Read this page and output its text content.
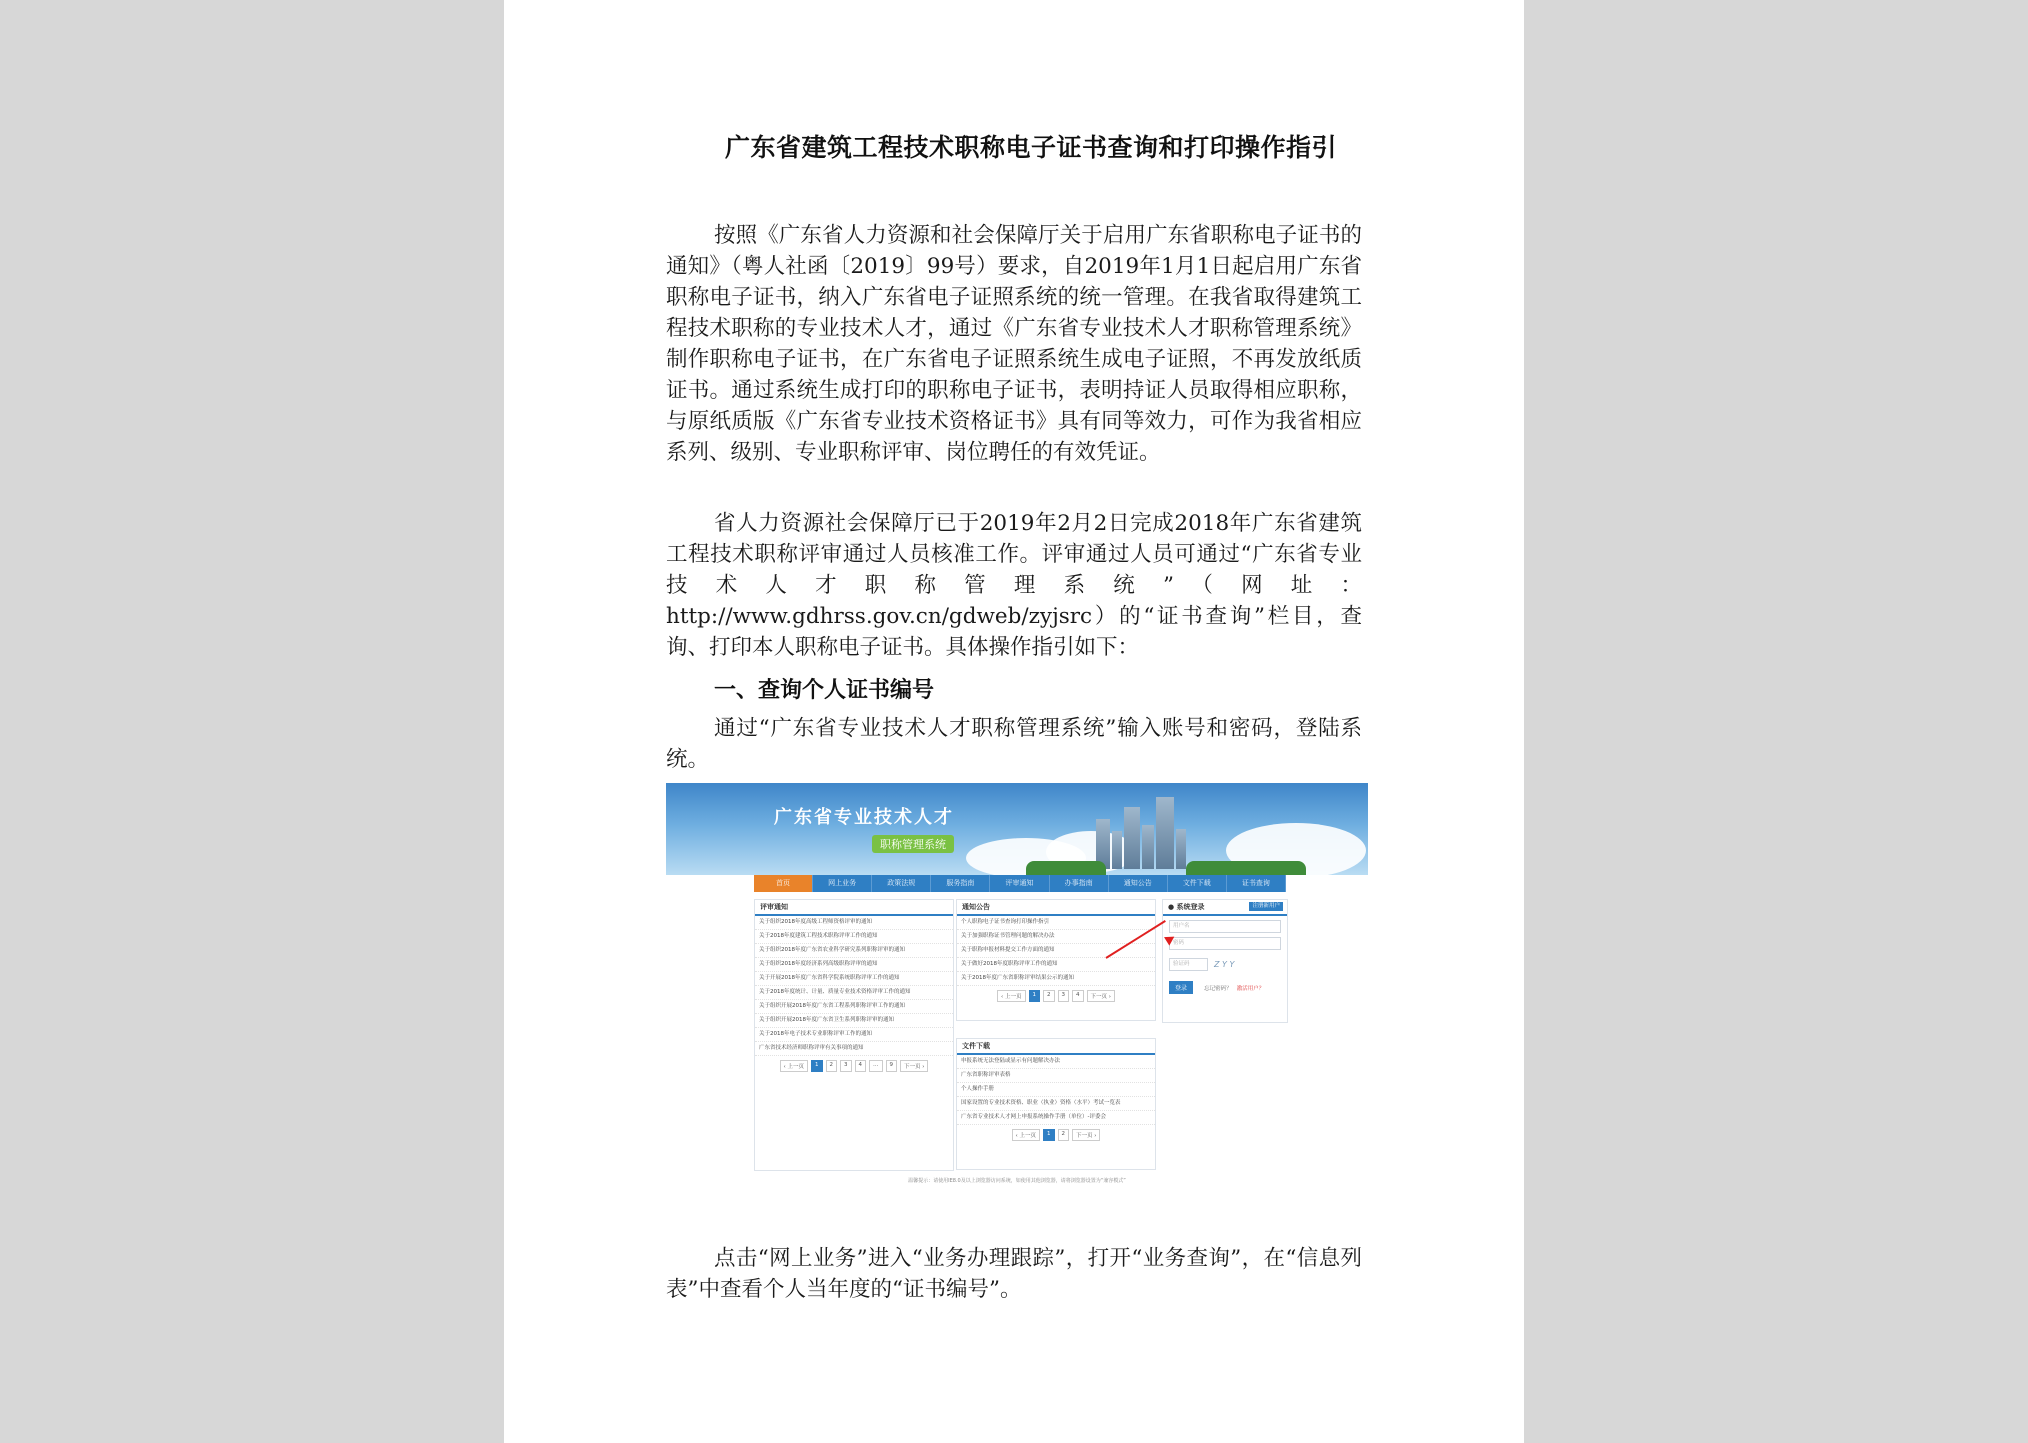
广东省建筑工程技术职称电子证书查询和打印操作指引

按照《广东省人力资源和社会保障厅关于启用广东省职称电子证书的通知》（粤人社函〔2019〕99号）要求，自2019年1月1日起启用广东省职称电子证书，纳入广东省电子证照系统的统一管理。在我省取得建筑工程技术职称的专业技术人才，通过《广东省专业技术人才职称管理系统》制作职称电子证书，在广东省电子证照系统生成电子证照，不再发放纸质证书。通过系统生成打印的职称电子证书，表明持证人员取得相应职称，与原纸质版《广东省专业技术资格证书》具有同等效力，可作为我省相应系列、级别、专业职称评审、岗位聘任的有效凭证。

省人力资源社会保障厅已于2019年2月2日完成2018年广东省建筑工程技术职称评审通过人员核准工作。评审通过人员可通过“广东省专业技术人才职称管理系统”（网址：http://www.gdhrss.gov.cn/gdweb/zyjsrc）的“证书查询”栏目，查询、打印本人职称电子证书。具体操作指引如下：

一、查询个人证书编号

通过“广东省专业技术人才职称管理系统”输入账号和密码，登陆系统。

点击“网上业务”进入“业务办理跟踪”，打开“业务查询”，在“信息列表”中查看个人当年度的“证书编号”。

广东省专业技术人才
职称管理系统
首页	网上业务	政策法规	服务指南	评审通知	办事指南	通知公告	文件下载	证书查询
评审通知
关于组织2018年度高级工程师资格评审的通知
关于2018年度建筑工程技术职称评审工作的通知
关于组织2018年度广东省农业科学研究系列职称评审的通知
关于组织2018年度经济系列高级职称评审的通知
关于开展2018年度广东省科学院系统职称评审工作的通知
关于2018年度统计、计量、质量专业技术资格评审工作的通知
关于组织开展2018年度广东省工程系列职称评审工作的通知
关于组织开展2018年度广东省卫生系列职称评审的通知
关于2018年电子技术专业职称评审工作的通知
广东省技术经济师职称评审有关事项的通知
‹ 上一页	1	2	3	4	…	9	下一页 ›
通知公告
个人职称电子证书查询打印操作指引
关于加强职称证书管理问题的解决办法
关于职称申报材料提交工作方面的通知
关于做好2018年度职称评审工作的通知
关于2018年度广东省职称评审结果公示的通知
‹ 上一页	1	2	3	4	下一页 ›
文件下载
申报系统无法登陆或显示有问题解决办法
广东省职称评审表格
个人操作手册
国家设置的专业技术资格、职业（执业）资格（水平）考试一览表
广东省专业技术人才网上申报系统操作手册（单位）-评委会
‹ 上一页	1	2	下一页 ›
● 系统登录	注册新用户
用户名
密码
验证码	Z Y Y
登录	忘记密码？ 激活用户？
温馨提示：请使用IE8.0及以上浏览器访问系统，如使用其他浏览器，请将浏览器设置为“兼容模式”
